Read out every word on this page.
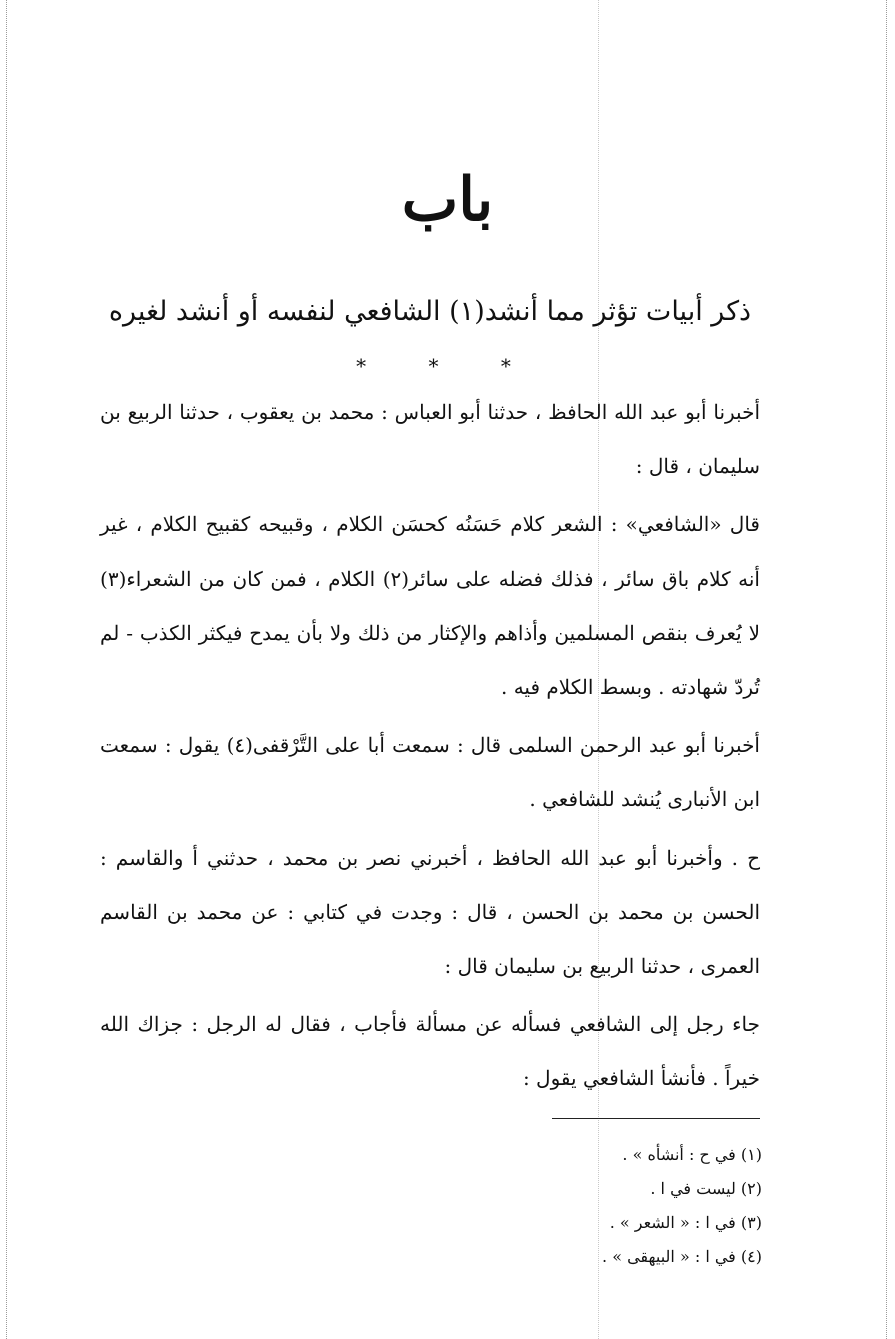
باب
ذكر أبيات تؤثر مما أنشد(١) الشافعي لنفسه أو أنشد لغيره
* * *

أخبرنا أبو عبد الله الحافظ ، حدثنا أبو العباس : محمد بن يعقوب ، حدثنا الربيع بن سليمان ، قال :

قال «الشافعي» : الشعر كلام حَسَنُه كحسَن الكلام ، وقبيحه كقبيح الكلام ، غير أنه كلام باق سائر ، فذلك فضله على سائر(٢) الكلام ، فمن كان من الشعراء(٣) لا يُعرف بنقص المسلمين وأذاهم والإكثار من ذلك ولا بأن يمدح فيكثر الكذب - لم تُردّ شهادته . وبسط الكلام فيه .

أخبرنا أبو عبد الرحمن السلمى قال : سمعت أبا على التَّرْقفى(٤) يقول : سمعت ابن الأنبارى يُنشد للشافعي .

ح . وأخبرنا أبو عبد الله الحافظ ، أخبرني نصر بن محمد ، حدثني أ والقاسم : الحسن بن محمد بن الحسن ، قال : وجدت في كتابي : عن محمد بن القاسم العمرى ، حدثنا الربيع بن سليمان قال :

جاء رجل إلى الشافعي فسأله عن مسألة فأجاب ، فقال له الرجل : جزاك الله خيراً . فأنشأ الشافعي يقول :

(١) في ح : أنشأه » .
(٢) ليست في ا .
(٣) في ا : « الشعر » .
(٤) في ا : « البيهقى » .
